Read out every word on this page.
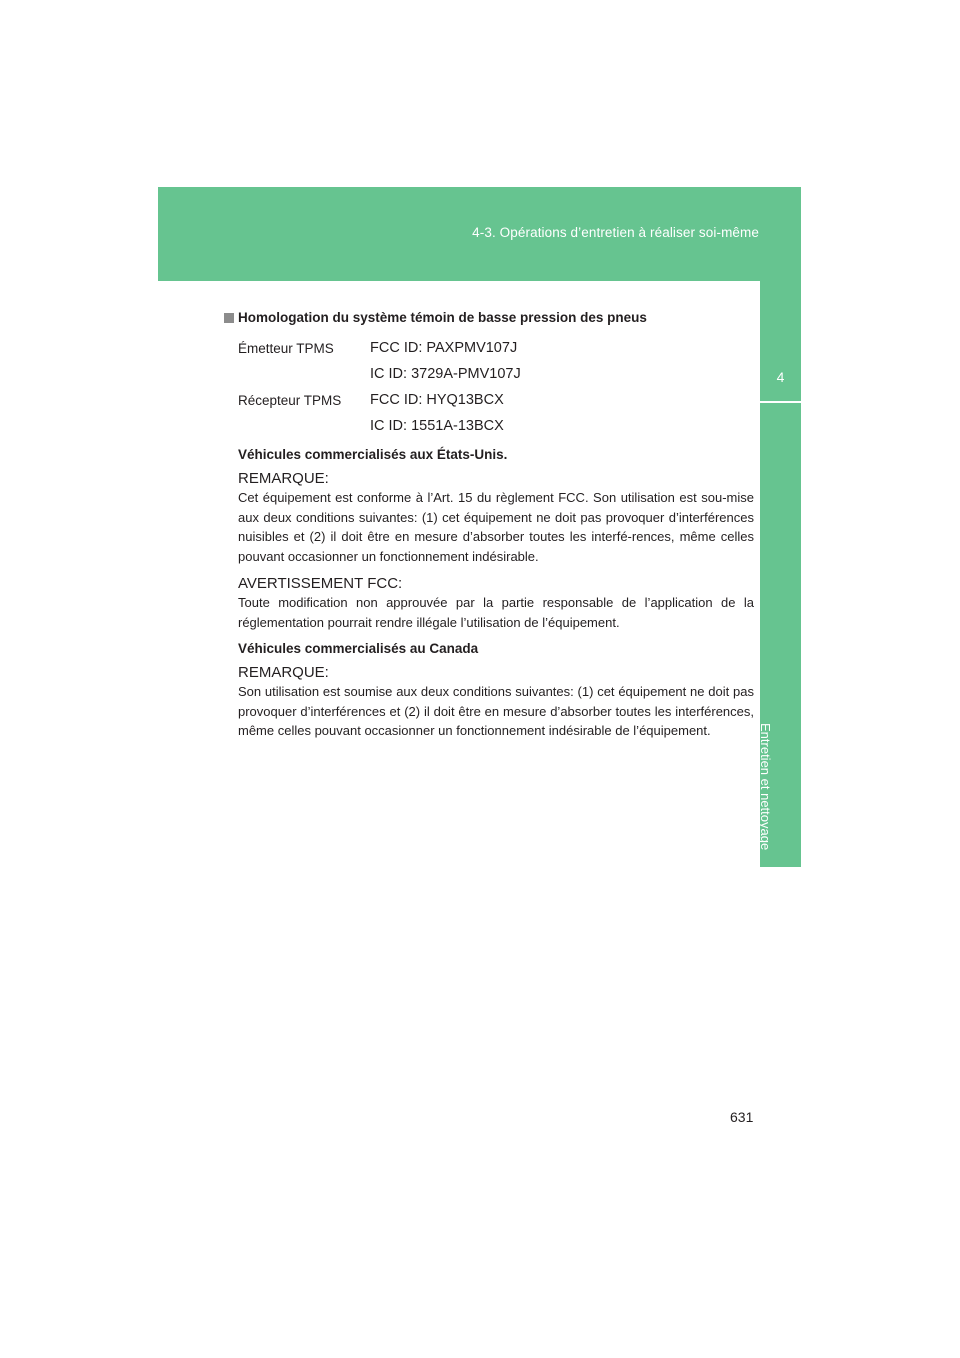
4-3. Opérations d’entretien à réaliser soi-même
4
Entretien et nettoyage
Homologation du système témoin de basse pression des pneus
Émetteur TPMS	FCC ID: PAXPMV107J
	IC ID: 3729A-PMV107J
Récepteur TPMS	FCC ID: HYQ13BCX
	IC ID: 1551A-13BCX
Véhicules commercialisés aux États-Unis.
REMARQUE:
Cet équipement est conforme à l’Art. 15 du règlement FCC. Son utilisation est sou-mise aux deux conditions suivantes: (1) cet équipement ne doit pas provoquer d’interférences nuisibles et (2) il doit être en mesure d’absorber toutes les interfé-rences, même celles pouvant occasionner un fonctionnement indésirable.
AVERTISSEMENT FCC:
Toute modification non approuvée par la partie responsable de l’application de la réglementation pourrait rendre illégale l’utilisation de l’équipement.
Véhicules commercialisés au Canada
REMARQUE:
Son utilisation est soumise aux deux conditions suivantes: (1) cet équipement ne doit pas provoquer d’interférences et (2) il doit être en mesure d’absorber toutes les interférences, même celles pouvant occasionner un fonctionnement indésirable de l’équipement.
631
